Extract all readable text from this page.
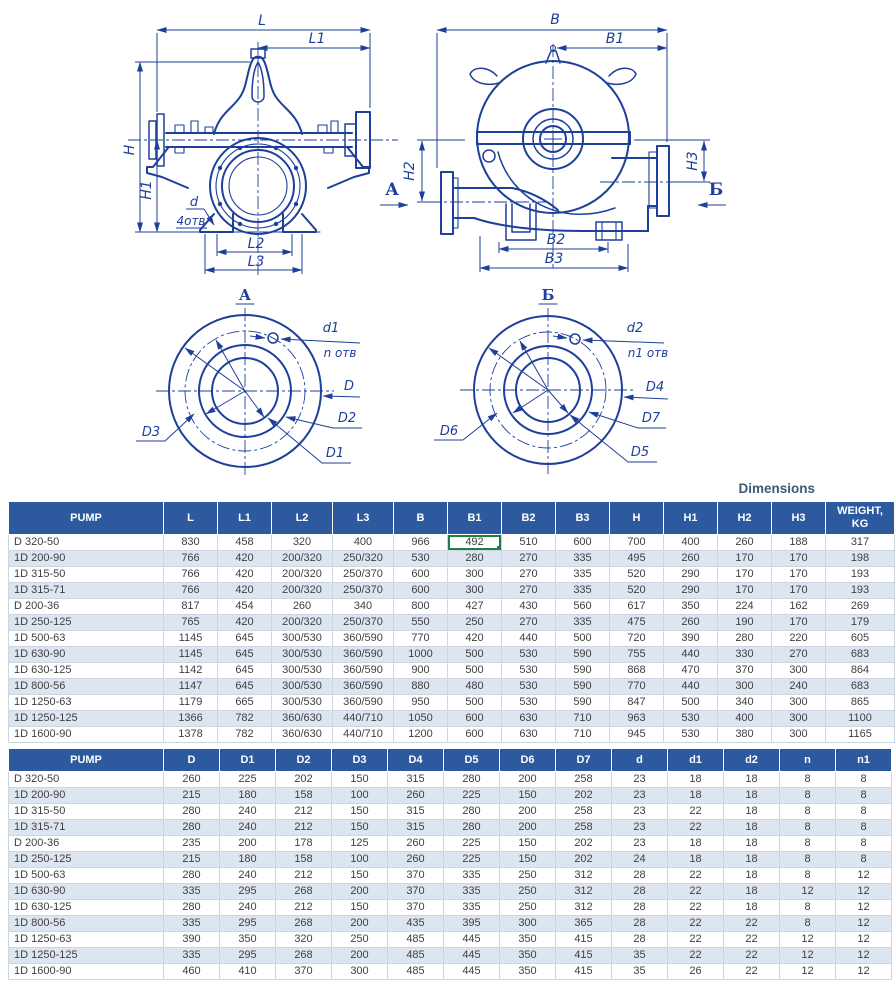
d
4отв
L
L1
H
H1
L2
L3
B
B1
H2
H3
B2
B3
А	Б
А
d1
n отв
D
D2
D1
D3
Б
d2
n1 отв
D4
D7
D5
D6
Dimensions
PUMP	L	L1	L2	L3	B	B1	B2	B3	H	H1	H2	H3	WEIGHT, KG
D 320-50	830	458	320	400	966	492	510	600	700	400	260	188	317
1D 200-90	766	420	200/320	250/320	530	280	270	335	495	260	170	170	198
1D 315-50	766	420	200/320	250/370	600	300	270	335	520	290	170	170	193
1D 315-71	766	420	200/320	250/370	600	300	270	335	520	290	170	170	193
D 200-36	817	454	260	340	800	427	430	560	617	350	224	162	269
1D 250-125	765	420	200/320	250/370	550	250	270	335	475	260	190	170	179
1D 500-63	1145	645	300/530	360/590	770	420	440	500	720	390	280	220	605
1D 630-90	1145	645	300/530	360/590	1000	500	530	590	755	440	330	270	683
1D 630-125	1142	645	300/530	360/590	900	500	530	590	868	470	370	300	864
1D 800-56	1147	645	300/530	360/590	880	480	530	590	770	440	300	240	683
1D 1250-63	1179	665	300/530	360/590	950	500	530	590	847	500	340	300	865
1D 1250-125	1366	782	360/630	440/710	1050	600	630	710	963	530	400	300	1100
1D 1600-90	1378	782	360/630	440/710	1200	600	630	710	945	530	380	300	1165
PUMP	D	D1	D2	D3	D4	D5	D6	D7	d	d1	d2	n	n1
D 320-50	260	225	202	150	315	280	200	258	23	18	18	8	8
1D 200-90	215	180	158	100	260	225	150	202	23	18	18	8	8
1D 315-50	280	240	212	150	315	280	200	258	23	22	18	8	8
1D 315-71	280	240	212	150	315	280	200	258	23	22	18	8	8
D 200-36	235	200	178	125	260	225	150	202	23	18	18	8	8
1D 250-125	215	180	158	100	260	225	150	202	24	18	18	8	8
1D 500-63	280	240	212	150	370	335	250	312	28	22	18	8	12
1D 630-90	335	295	268	200	370	335	250	312	28	22	18	12	12
1D 630-125	280	240	212	150	370	335	250	312	28	22	18	8	12
1D 800-56	335	295	268	200	435	395	300	365	28	22	22	8	12
1D 1250-63	390	350	320	250	485	445	350	415	28	22	22	12	12
1D 1250-125	335	295	268	200	485	445	350	415	35	22	22	12	12
1D 1600-90	460	410	370	300	485	445	350	415	35	26	22	12	12
